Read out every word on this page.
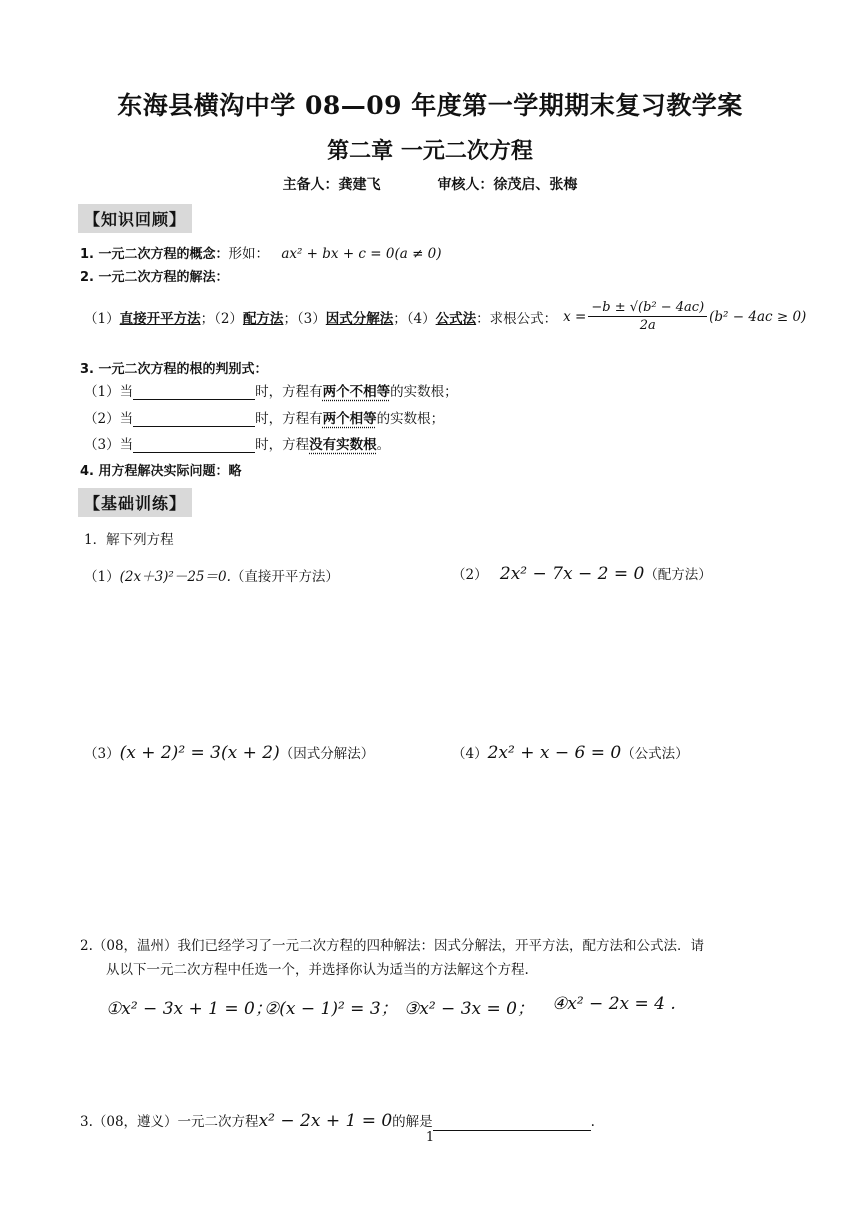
东海县横沟中学 08—09 年度第一学期期末复习教学案
第二章 一元二次方程
主备人：龚建飞	审核人：徐茂启、张梅
【知识回顾】
1. 一元二次方程的概念：形如： ax² + bx + c = 0(a ≠ 0)
2. 一元二次方程的解法：
（1） 直接开平方法 ；（2） 配方法 ；（3） 因式分解法 ；（4） 公式法 ：求根公式： $x = \frac{\text{−b ± √(b² − 4ac)}}{2a} (b^2 - 4ac \ge 0)$
3. 一元二次方程的根的判别式：
（1）当	时，方程有两个不相等的实数根；
（2）当	时，方程有两个相等的实数根；
（3）当	时，方程没有实数根。
4. 用方程解决实际问题：略
【基础训练】
1．解下列方程
（1）(2x＋3)²－25＝0.（直接开平方法）	（2） 2x² − 7x − 2 = 0（配方法）
（3）(x + 2)² = 3(x + 2)（因式分解法）	（4）2x² + x − 6 = 0（公式法）
2.（08，温州）我们已经学习了一元二次方程的四种解法：因式分解法，开平方法，配方法和公式法．请
从以下一元二次方程中任选一个，并选择你认为适当的方法解这个方程.
①x² − 3x + 1 = 0；
②(x − 1)² = 3； ③x² − 3x = 0；	④x² − 2x = 4 .
3.（08，遵义）一元二次方程x² − 2x + 1 = 0的解是	.
1
